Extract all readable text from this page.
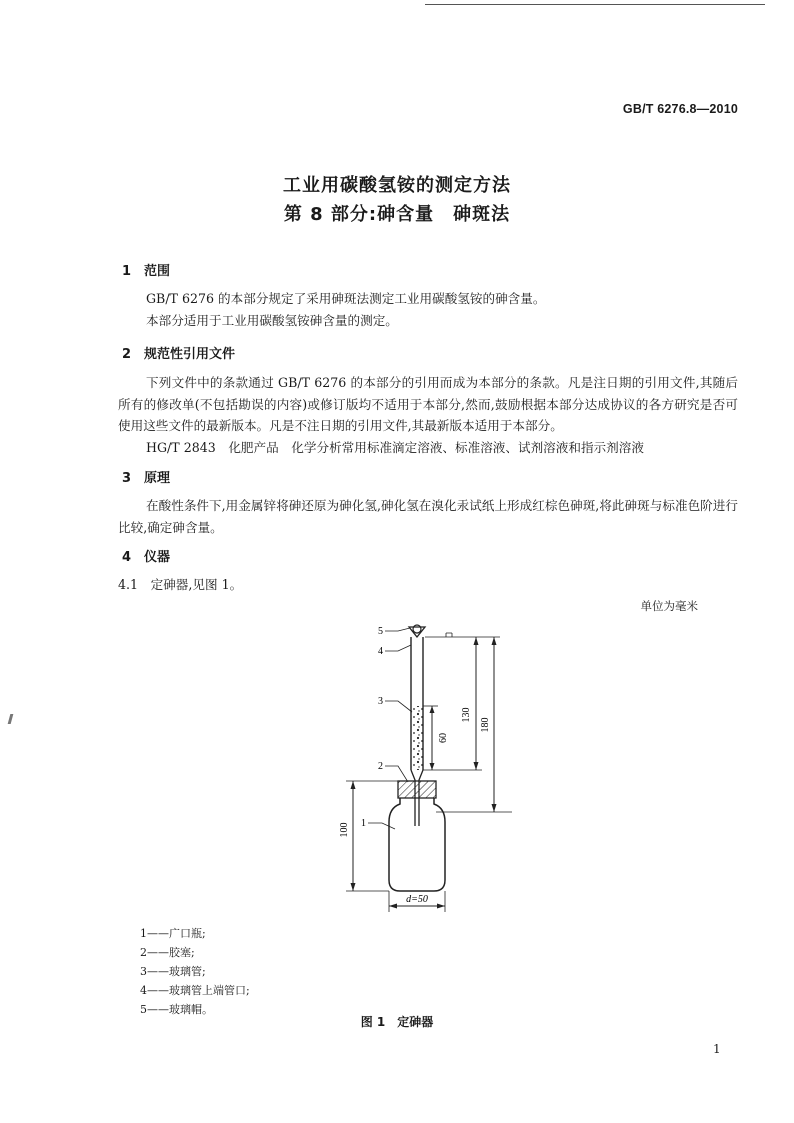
GB/T 6276.8—2010
工业用碳酸氢铵的测定方法
第 8 部分:砷含量　砷斑法
1 范围
GB/T 6276 的本部分规定了采用砷斑法测定工业用碳酸氢铵的砷含量。
本部分适用于工业用碳酸氢铵砷含量的测定。
2 规范性引用文件
下列文件中的条款通过 GB/T 6276 的本部分的引用而成为本部分的条款。凡是注日期的引用文件,其随后所有的修改单(不包括勘误的内容)或修订版均不适用于本部分,然而,鼓励根据本部分达成协议的各方研究是否可使用这些文件的最新版本。凡是不注日期的引用文件,其最新版本适用于本部分。
HG/T 2843　化肥产品　化学分析常用标准滴定溶液、标准溶液、试剂溶液和指示剂溶液
3 原理
在酸性条件下,用金属锌将砷还原为砷化氢,砷化氢在溴化汞试纸上形成红棕色砷斑,将此砷斑与标准色阶进行比较,确定砷含量。
4 仪器
4.1　定砷器,见图 1。
单位为毫米
5
4
3
2
1
130
180
60
100
d=50
1——广口瓶;
2——胶塞;
3——玻璃管;
4——玻璃管上端管口;
5——玻璃帽。
图 1　定砷器
1
